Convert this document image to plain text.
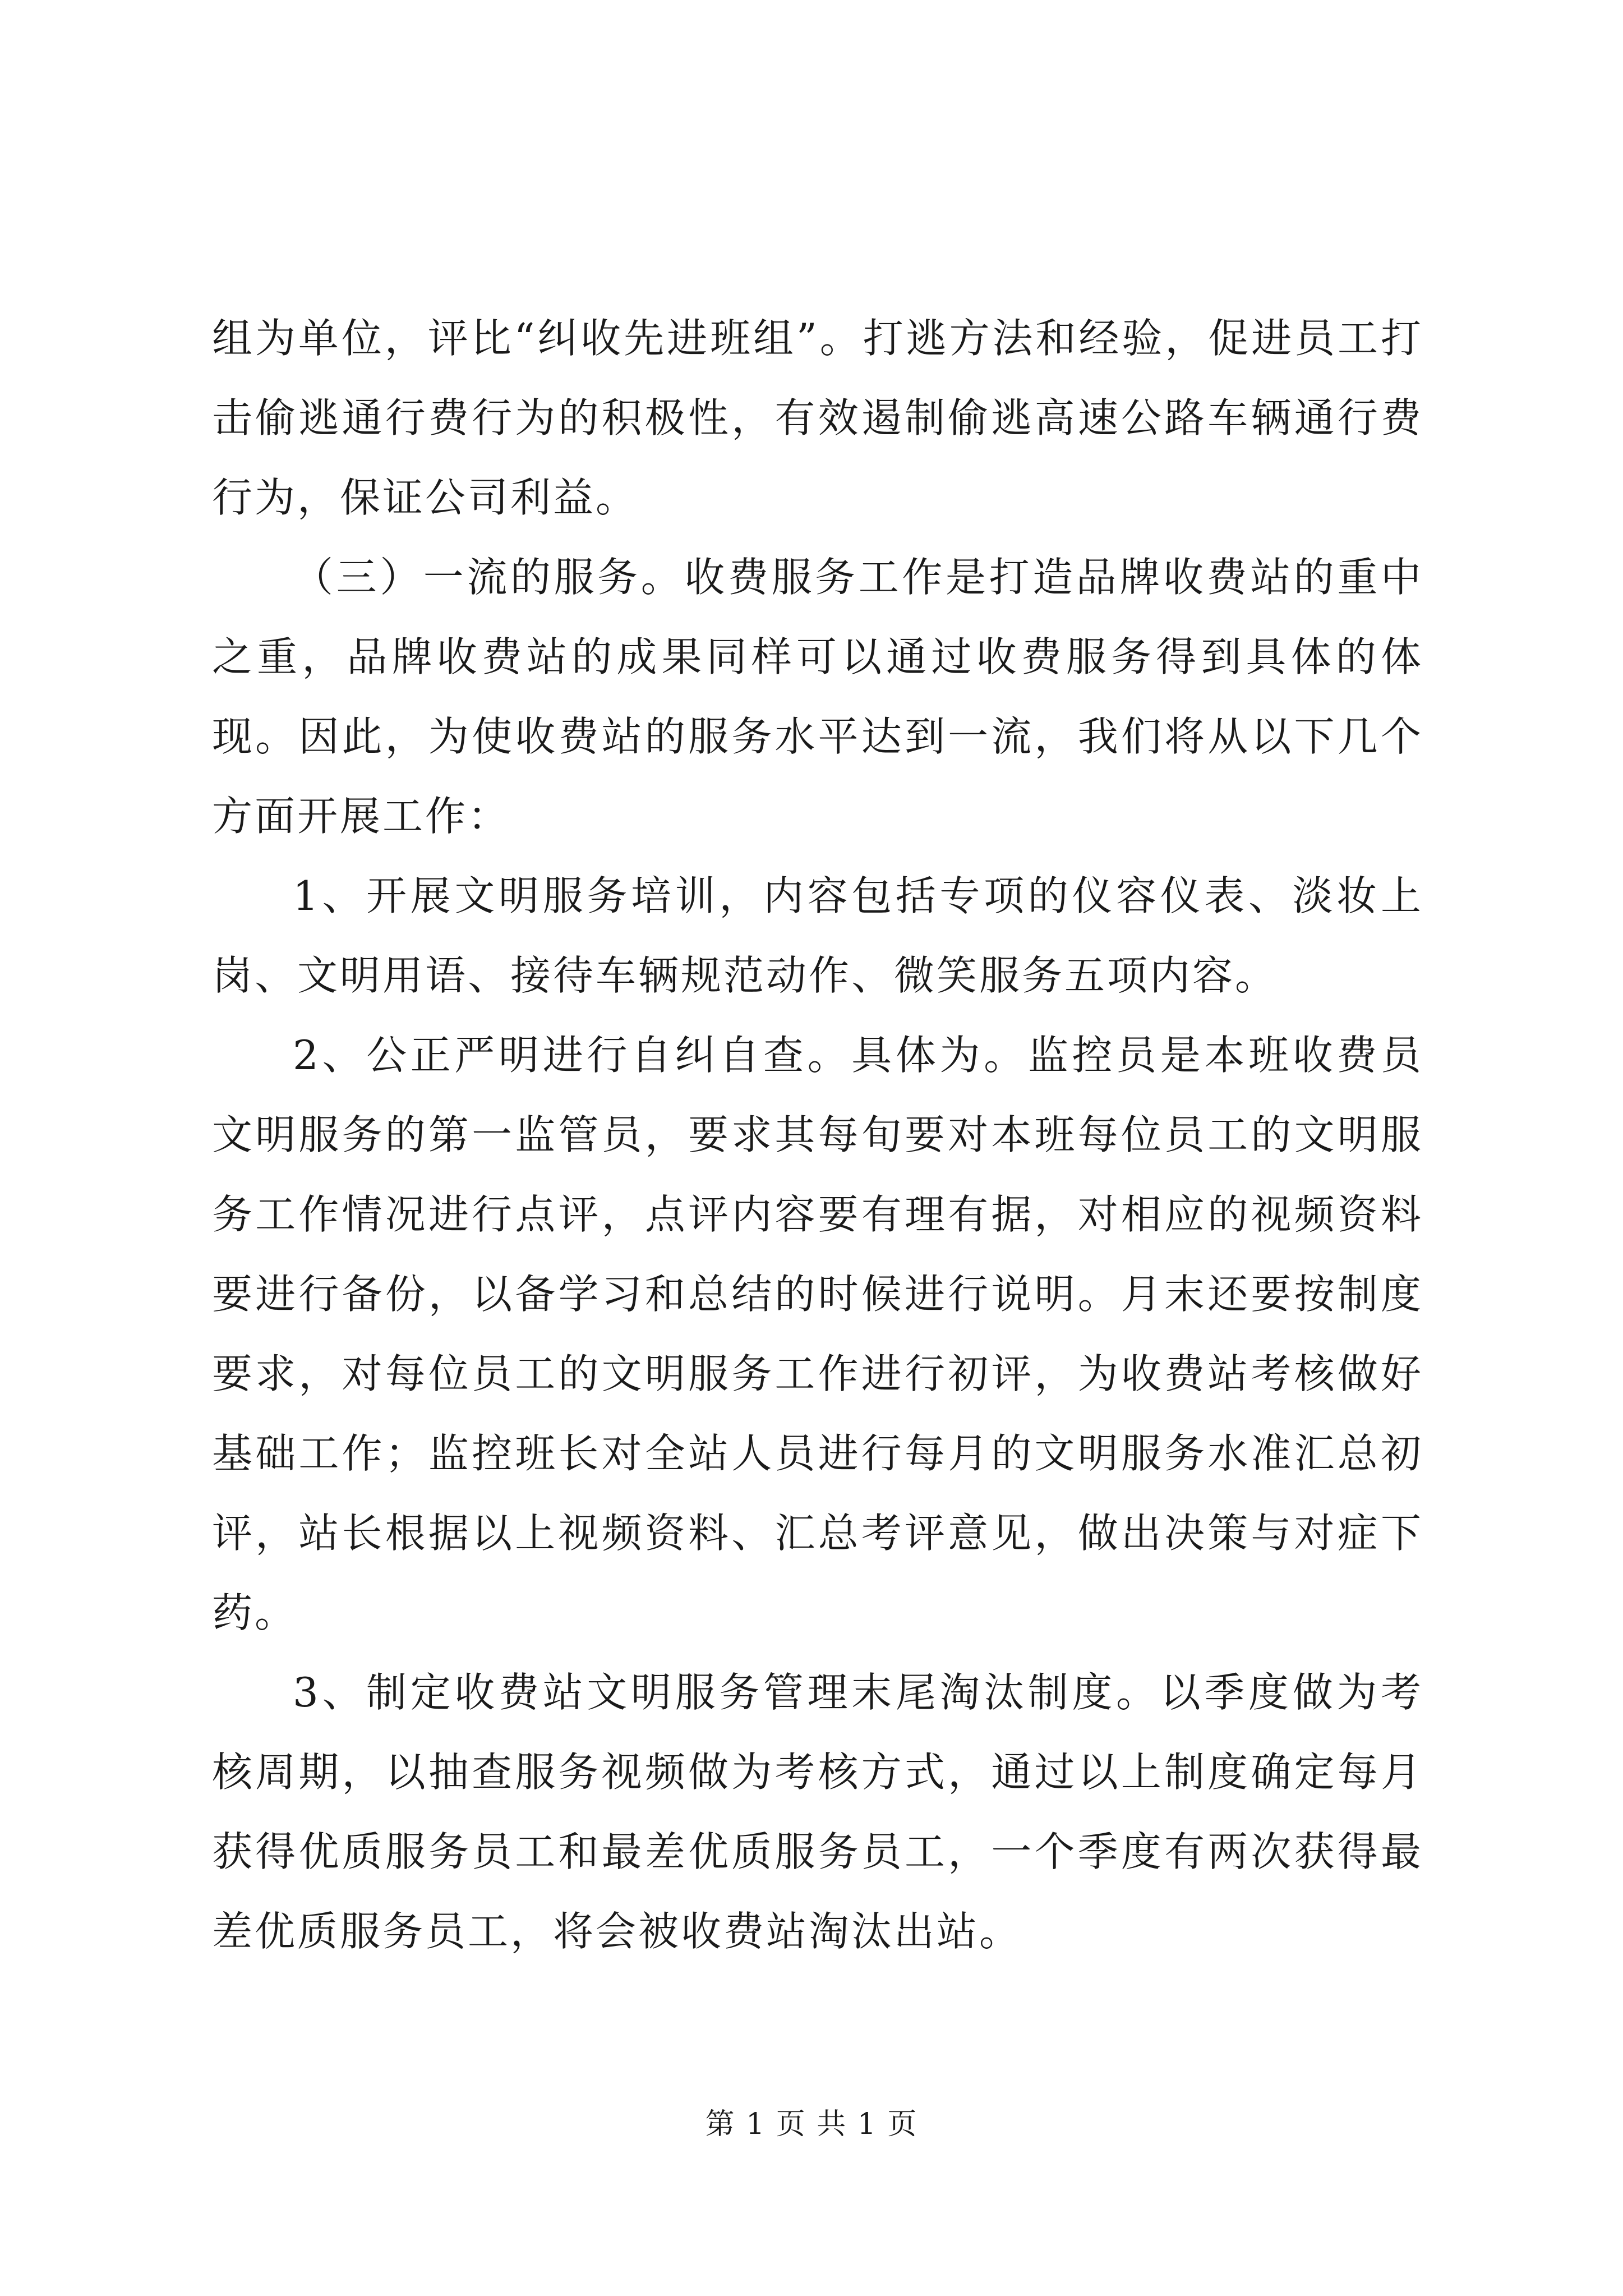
组为单位，评比“纠收先进班组”。打逃方法和经验，促进员工打击偷逃通行费行为的积极性，有效遏制偷逃高速公路车辆通行费行为，保证公司利益。

（三）一流的服务。收费服务工作是打造品牌收费站的重中之重，品牌收费站的成果同样可以通过收费服务得到具体的体现。因此，为使收费站的服务水平达到一流，我们将从以下几个方面开展工作：

1、开展文明服务培训，内容包括专项的仪容仪表、淡妆上岗、文明用语、接待车辆规范动作、微笑服务五项内容。

2、公正严明进行自纠自查。具体为。监控员是本班收费员文明服务的第一监管员，要求其每旬要对本班每位员工的文明服务工作情况进行点评，点评内容要有理有据，对相应的视频资料要进行备份，以备学习和总结的时候进行说明。月末还要按制度要求，对每位员工的文明服务工作进行初评，为收费站考核做好基础工作；监控班长对全站人员进行每月的文明服务水准汇总初评，站长根据以上视频资料、汇总考评意见，做出决策与对症下药。

3、制定收费站文明服务管理末尾淘汰制度。以季度做为考核周期，以抽查服务视频做为考核方式，通过以上制度确定每月获得优质服务员工和最差优质服务员工，一个季度有两次获得最差优质服务员工，将会被收费站淘汰出站。

第 1 页 共 1 页
